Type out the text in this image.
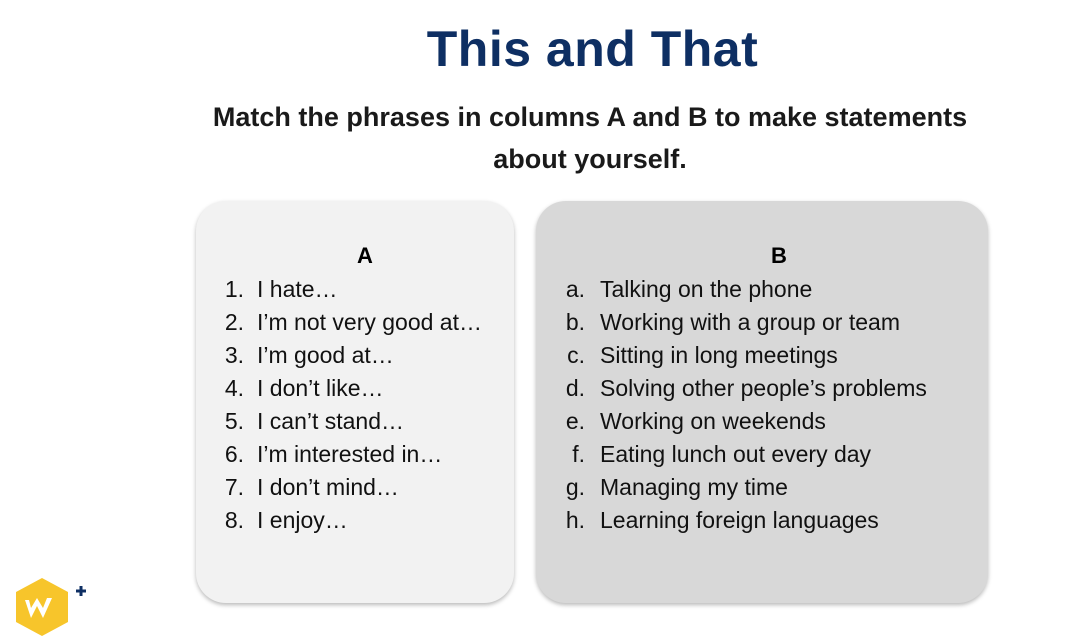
This and That
Match the phrases in columns A and B to make statements about yourself.
A	B
1. I hate…
2. I’m not very good at…
3. I’m good at…
4. I don’t like…
5. I can’t stand…
6. I’m interested in…
7. I don’t mind…
8. I enjoy…
a. Talking on the phone
b. Working with a group or team
c. Sitting in long meetings
d. Solving other people’s problems
e. Working on weekends
f. Eating lunch out every day
g. Managing my time
h. Learning foreign languages
